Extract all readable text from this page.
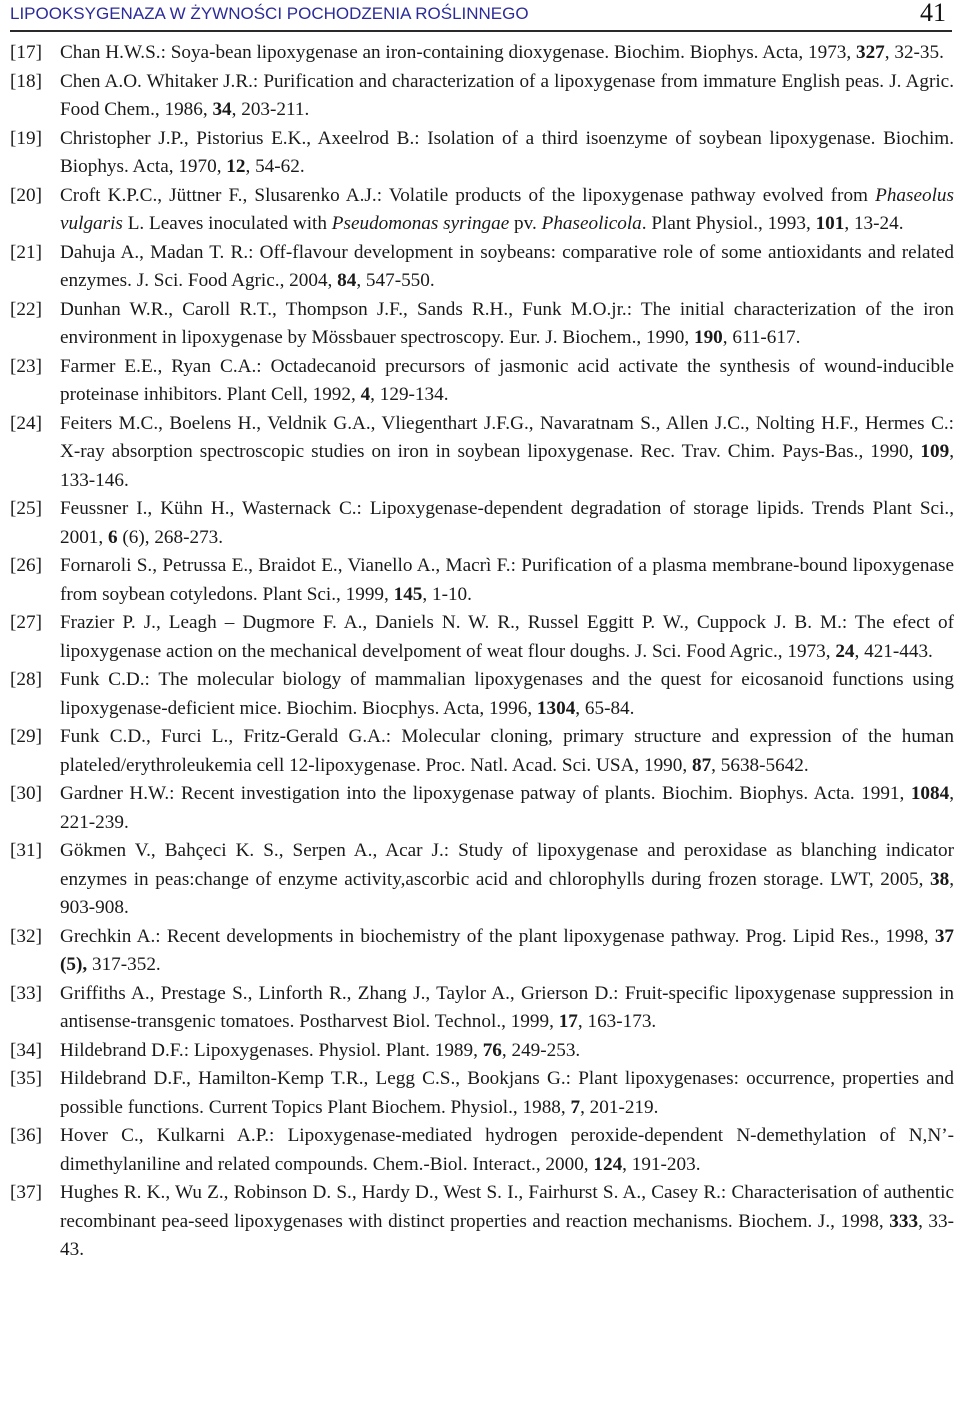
LIPOOKSYGENAZA W ŻYWNOŚCI POCHODZENIA ROŚLINNEGO	41
[17] Chan H.W.S.: Soya-bean lipoxygenase an iron-containing dioxygenase. Biochim. Biophys. Acta, 1973, 327, 32-35.
[18] Chen A.O. Whitaker J.R.: Purification and characterization of a lipoxygenase from immature English peas. J. Agric. Food Chem., 1986, 34, 203-211.
[19] Christopher J.P., Pistorius E.K., Axeelrod B.: Isolation of a third isoenzyme of soybean lipoxygenase. Biochim. Biophys. Acta, 1970, 12, 54-62.
[20] Croft K.P.C., Jüttner F., Slusarenko A.J.: Volatile products of the lipoxygenase pathway evolved from Phaseolus vulgaris L. Leaves inoculated with Pseudomonas syringae pv. Phaseolicola. Plant Physiol., 1993, 101, 13-24.
[21] Dahuja A., Madan T. R.: Off-flavour development in soybeans: comparative role of some antioxidants and related enzymes. J. Sci. Food Agric., 2004, 84, 547-550.
[22] Dunhan W.R., Caroll R.T., Thompson J.F., Sands R.H., Funk M.O.jr.: The initial characterization of the iron environment in lipoxygenase by Mössbauer spectroscopy. Eur. J. Biochem., 1990, 190, 611-617.
[23] Farmer E.E., Ryan C.A.: Octadecanoid precursors of jasmonic acid activate the synthesis of wound-inducible proteinase inhibitors. Plant Cell, 1992, 4, 129-134.
[24] Feiters M.C., Boelens H., Veldnik G.A., Vliegenthart J.F.G., Navaratnam S., Allen J.C., Nolting H.F., Hermes C.: X-ray absorption spectroscopic studies on iron in soybean lipoxygenase. Rec. Trav. Chim. Pays-Bas., 1990, 109, 133-146.
[25] Feussner I., Kühn H., Wasternack C.: Lipoxygenase-dependent degradation of storage lipids. Trends Plant Sci., 2001, 6 (6), 268-273.
[26] Fornaroli S., Petrussa E., Braidot E., Vianello A., Macrì F.: Purification of a plasma membrane-bound lipoxygenase from soybean cotyledons. Plant Sci., 1999, 145, 1-10.
[27] Frazier P. J., Leagh – Dugmore F. A., Daniels N. W. R., Russel Eggitt P. W., Cuppock J. B. M.: The efect of lipoxygenase action on the mechanical develpoment of weat flour doughs. J. Sci. Food Agric., 1973, 24, 421-443.
[28] Funk C.D.: The molecular biology of mammalian lipoxygenases and the quest for eicosanoid functions using lipoxygenase-deficient mice. Biochim. Biocphys. Acta, 1996, 1304, 65-84.
[29] Funk C.D., Furci L., Fritz-Gerald G.A.: Molecular cloning, primary structure and expression of the human plateled/erythroleukemia cell 12-lipoxygenase. Proc. Natl. Acad. Sci. USA, 1990, 87, 5638-5642.
[30] Gardner H.W.: Recent investigation into the lipoxygenase patway of plants. Biochim. Biophys. Acta. 1991, 1084, 221-239.
[31] Gökmen V., Bahçeci K. S., Serpen A., Acar J.: Study of lipoxygenase and peroxidase as blanching indicator enzymes in peas:change of enzyme activity,ascorbic acid and chlorophylls during frozen storage. LWT, 2005, 38, 903-908.
[32] Grechkin A.: Recent developments in biochemistry of the plant lipoxygenase pathway. Prog. Lipid Res., 1998, 37 (5), 317-352.
[33] Griffiths A., Prestage S., Linforth R., Zhang J., Taylor A., Grierson D.: Fruit-specific lipoxygenase suppression in antisense-transgenic tomatoes. Postharvest Biol. Technol., 1999, 17, 163-173.
[34] Hildebrand D.F.: Lipoxygenases. Physiol. Plant. 1989, 76, 249-253.
[35] Hildebrand D.F., Hamilton-Kemp T.R., Legg C.S., Bookjans G.: Plant lipoxygenases: occurrence, properties and possible functions. Current Topics Plant Biochem. Physiol., 1988, 7, 201-219.
[36] Hover C., Kulkarni A.P.: Lipoxygenase-mediated hydrogen peroxide-dependent N-demethylation of N,N’-dimethylaniline and related compounds. Chem.-Biol. Interact., 2000, 124, 191-203.
[37] Hughes R. K., Wu Z., Robinson D. S., Hardy D., West S. I., Fairhurst S. A., Casey R.: Characterisation of authentic recombinant pea-seed lipoxygenases with distinct properties and reaction mechanisms. Biochem. J., 1998, 333, 33-43.
